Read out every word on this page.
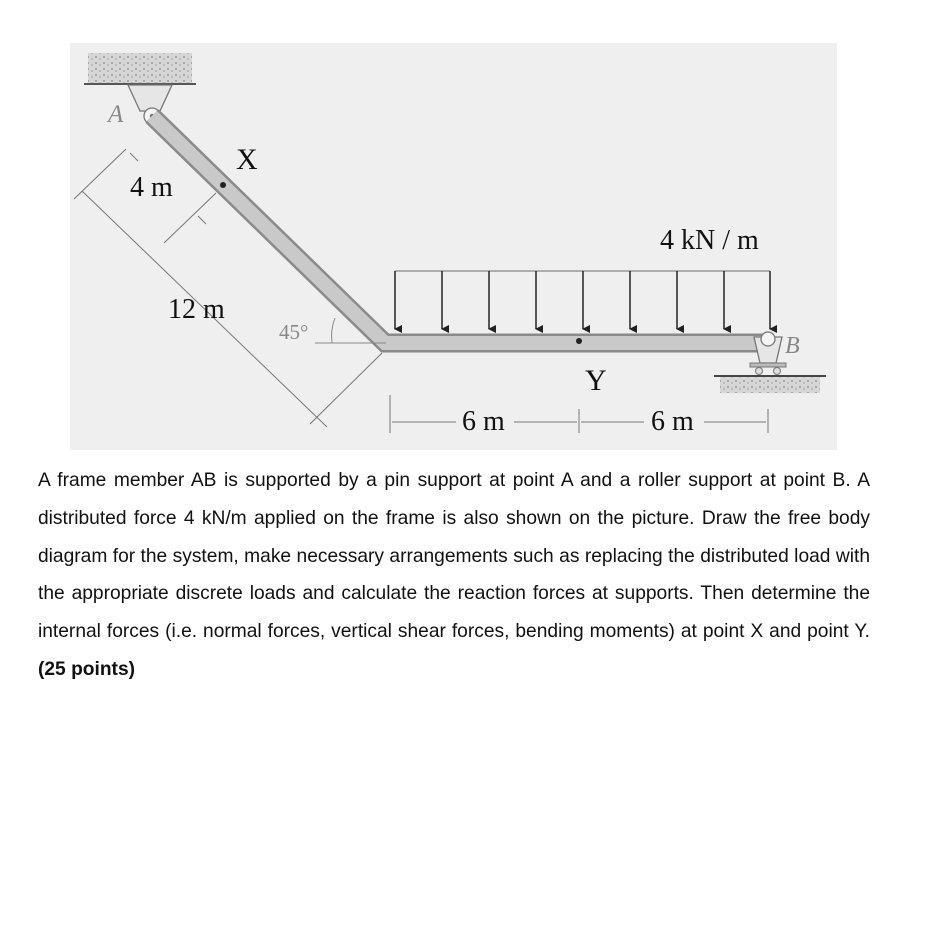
A
B
X
Y
4 m
12 m
6 m	6 m
45°
4 kN / m

A frame member AB is supported by a pin support at point A and a roller support at point B. A distributed force 4 kN/m applied on the frame is also shown on the picture. Draw the free body diagram for the system, make necessary arrangements such as replacing the distributed load with the appropriate discrete loads and calculate the reaction forces at supports. Then determine the internal forces (i.e. normal forces, vertical shear forces, bending moments) at point X and point Y. (25 points)
